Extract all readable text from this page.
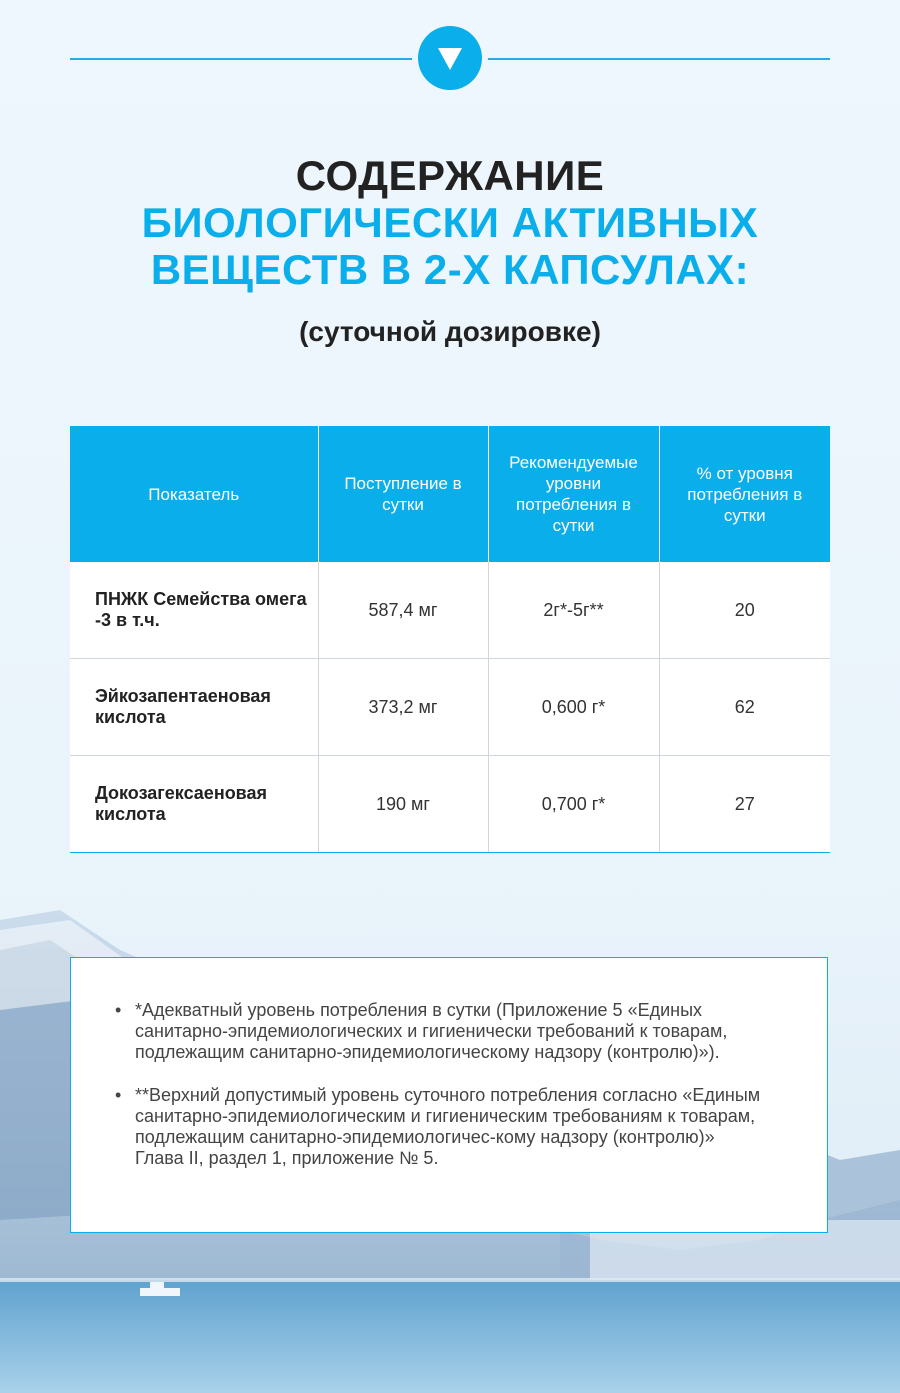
СОДЕРЖАНИЕ
БИОЛОГИЧЕСКИ АКТИВНЫХ
ВЕЩЕСТВ В 2-Х КАПСУЛАХ:
(суточной дозировке)
Показатель	Поступление в сутки	Рекомендуемые уровни потребления в сутки	% от уровня потребления в сутки
ПНЖК Семейства омега -3 в т.ч.	587,4 мг	2г*-5г**	20
Эйкозапентаеновая кислота	373,2 мг	0,600 г*	62
Докозагексаеновая кислота	190 мг	0,700 г*	27
• *Адекватный уровень потребления в сутки (Приложение 5 «Единых санитарно-эпидемиологических и гигиенически требований к товарам, подлежащим санитарно-эпидемиологическому надзору (контролю)»).
• **Верхний допустимый уровень суточного потребления согласно «Единым санитарно-эпидемиологическим и гигиеническим требованиям к товарам, подлежащим санитарно-эпидемиологичес-кому надзору (контролю)» Глава II, раздел 1, приложение № 5.
